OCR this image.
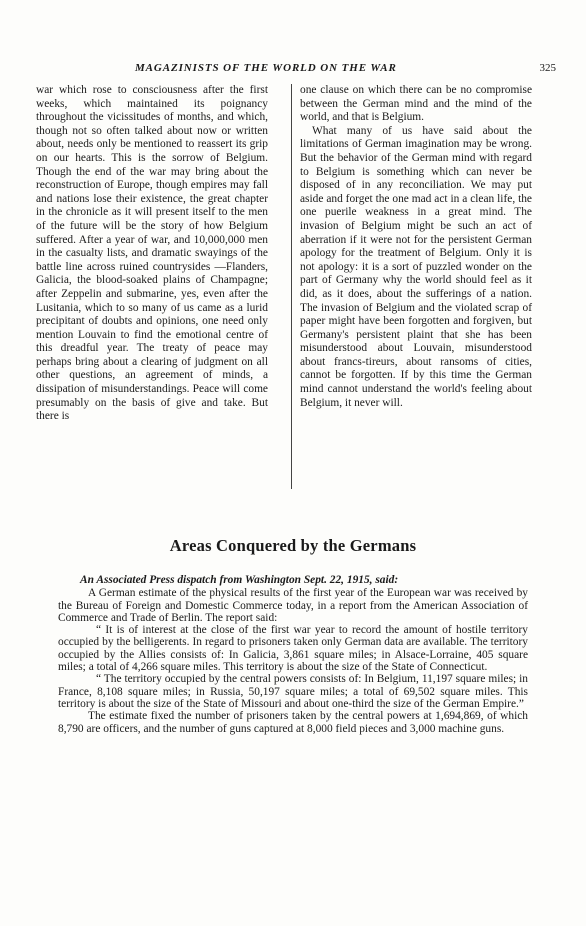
MAGAZINISTS OF THE WORLD ON THE WAR	325

war which rose to consciousness after the first weeks, which maintained its poignancy throughout the vicissitudes of months, and which, though not so often talked about now or written about, needs only be mentioned to reassert its grip on our hearts. This is the sorrow of Belgium. Though the end of the war may bring about the reconstruction of Europe, though empires may fall and nations lose their existence, the great chapter in the chronicle as it will present itself to the men of the future will be the story of how Belgium suffered. After a year of war, and 10,000,000 men in the casualty lists, and dramatic swayings of the battle line across ruined countrysides —Flanders, Galicia, the blood-soaked plains of Champagne; after Zeppelin and submarine, yes, even after the Lusitania, which to so many of us came as a lurid precipitant of doubts and opinions, one need only mention Louvain to find the emotional centre of this dreadful year. The treaty of peace may perhaps bring about a clearing of judgment on all other questions, an agreement of minds, a dissipation of misunderstandings. Peace will come presumably on the basis of give and take. But there is

one clause on which there can be no compromise between the German mind and the mind of the world, and that is Belgium.

What many of us have said about the limitations of German imagination may be wrong. But the behavior of the German mind with regard to Belgium is something which can never be disposed of in any reconciliation. We may put aside and forget the one mad act in a clean life, the one puerile weakness in a great mind. The invasion of Belgium might be such an act of aberration if it were not for the persistent German apology for the treatment of Belgium. Only it is not apology: it is a sort of puzzled wonder on the part of Germany why the world should feel as it did, as it does, about the sufferings of a nation. The invasion of Belgium and the violated scrap of paper might have been forgotten and forgiven, but Germany's persistent plaint that she has been misunderstood about Louvain, misunderstood about francs-tireurs, about ransoms of cities, cannot be forgotten. If by this time the German mind cannot understand the world's feeling about Belgium, it never will.

Areas Conquered by the Germans

An Associated Press dispatch from Washington Sept. 22, 1915, said:

A German estimate of the physical results of the first year of the European war was received by the Bureau of Foreign and Domestic Commerce today, in a report from the American Association of Commerce and Trade of Berlin. The report said:

“ It is of interest at the close of the first war year to record the amount of hostile territory occupied by the belligerents. In regard to prisoners taken only German data are available. The territory occupied by the Allies consists of: In Galicia, 3,861 square miles; in Alsace-Lorraine, 405 square miles; a total of 4,266 square miles. This territory is about the size of the State of Connecticut.

“ The territory occupied by the central powers consists of: In Belgium, 11,197 square miles; in France, 8,108 square miles; in Russia, 50,197 square miles; a total of 69,502 square miles. This territory is about the size of the State of Missouri and about one-third the size of the German Empire.”

The estimate fixed the number of prisoners taken by the central powers at 1,694,869, of which 8,790 are officers, and the number of guns captured at 8,000 field pieces and 3,000 machine guns.
